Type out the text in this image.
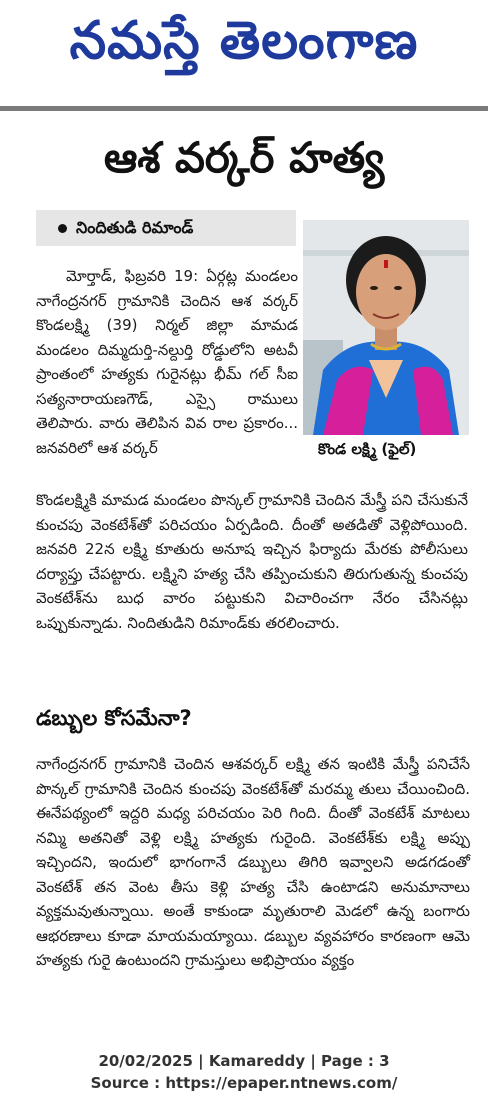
నమస్తే తెలంగాణ
ఆశ వర్కర్ హత్య
నిందితుడి రిమాండ్
కొండ లక్ష్మి (ఫైల్)

మోర్తాడ్, ఫిబ్రవరి 19: ఏర్గట్ల మండలం నాగేంద్రనగర్ గ్రామానికి చెందిన ఆశ వర్కర్ కొండలక్ష్మి (39) నిర్మల్ జిల్లా మామడ మండలం దిమ్మదుర్తి-నల్దుర్తి రోడ్డులోని అటవీ ప్రాంతంలో హత్యకు గురైనట్లు భీమ్ గల్ సీఐ సత్యనారాయణగౌడ్, ఎస్సై రాములు తెలిపారు. వారు తెలిపిన వివ రాల ప్రకారం... జనవరిలో ఆశ వర్కర్

కొండలక్ష్మికి మామడ మండలం పొన్కల్ గ్రామానికి చెందిన మేస్త్రీ పని చేసుకునే కుంచపు వెంకటేశ్‌తో పరిచయం ఏర్పడింది. దీంతో అతడితో వెళ్లిపోయింది. జనవరి 22న లక్ష్మి కూతురు అనూష ఇచ్చిన ఫిర్యాదు మేరకు పోలీసులు దర్యాప్తు చేపట్టారు. లక్ష్మిని హత్య చేసి తప్పించుకుని తిరుగుతున్న కుంచపు వెంకటేశ్‌ను బుధ వారం పట్టుకుని విచారించగా నేరం చేసినట్లు ఒప్పుకున్నాడు. నిందితుడిని రిమాండ్‌కు తరలించారు.

డబ్బుల కోసమేనా?

నాగేంద్రనగర్ గ్రామానికి చెందిన ఆశవర్కర్ లక్ష్మి తన ఇంటికి మేస్త్రీ పనిచేసే పొన్కల్ గ్రామానికి చెందిన కుంచపు వెంకటేశ్‌తో మరమ్మ తులు చేయించింది. ఈనేపథ్యంలో ఇద్దరి మధ్య పరిచయం పెరి గింది. దీంతో వెంకటేశ్ మాటలు నమ్మి అతనితో వెళ్లి లక్ష్మి హత్యకు గురైంది. వెంకటేశ్‌కు లక్ష్మి అప్పు ఇచ్చిందని, ఇందులో భాగంగానే డబ్బులు తిగిరి ఇవ్వాలని అడగడంతో వెంకటేశ్ తన వెంట తీసు కెళ్లి హత్య చేసి ఉంటాడని అనుమానాలు వ్యక్తమవుతున్నాయి. అంతే కాకుండా మృతురాలి మెడలో ఉన్న బంగారు ఆభరణాలు కూడా మాయమయ్యాయి. డబ్బుల వ్యవహారం కారణంగా ఆమె హత్యకు గురై ఉంటుందని గ్రామస్తులు అభిప్రాయం వ్యక్తం

20/02/2025 | Kamareddy | Page : 3
Source : https://epaper.ntnews.com/
